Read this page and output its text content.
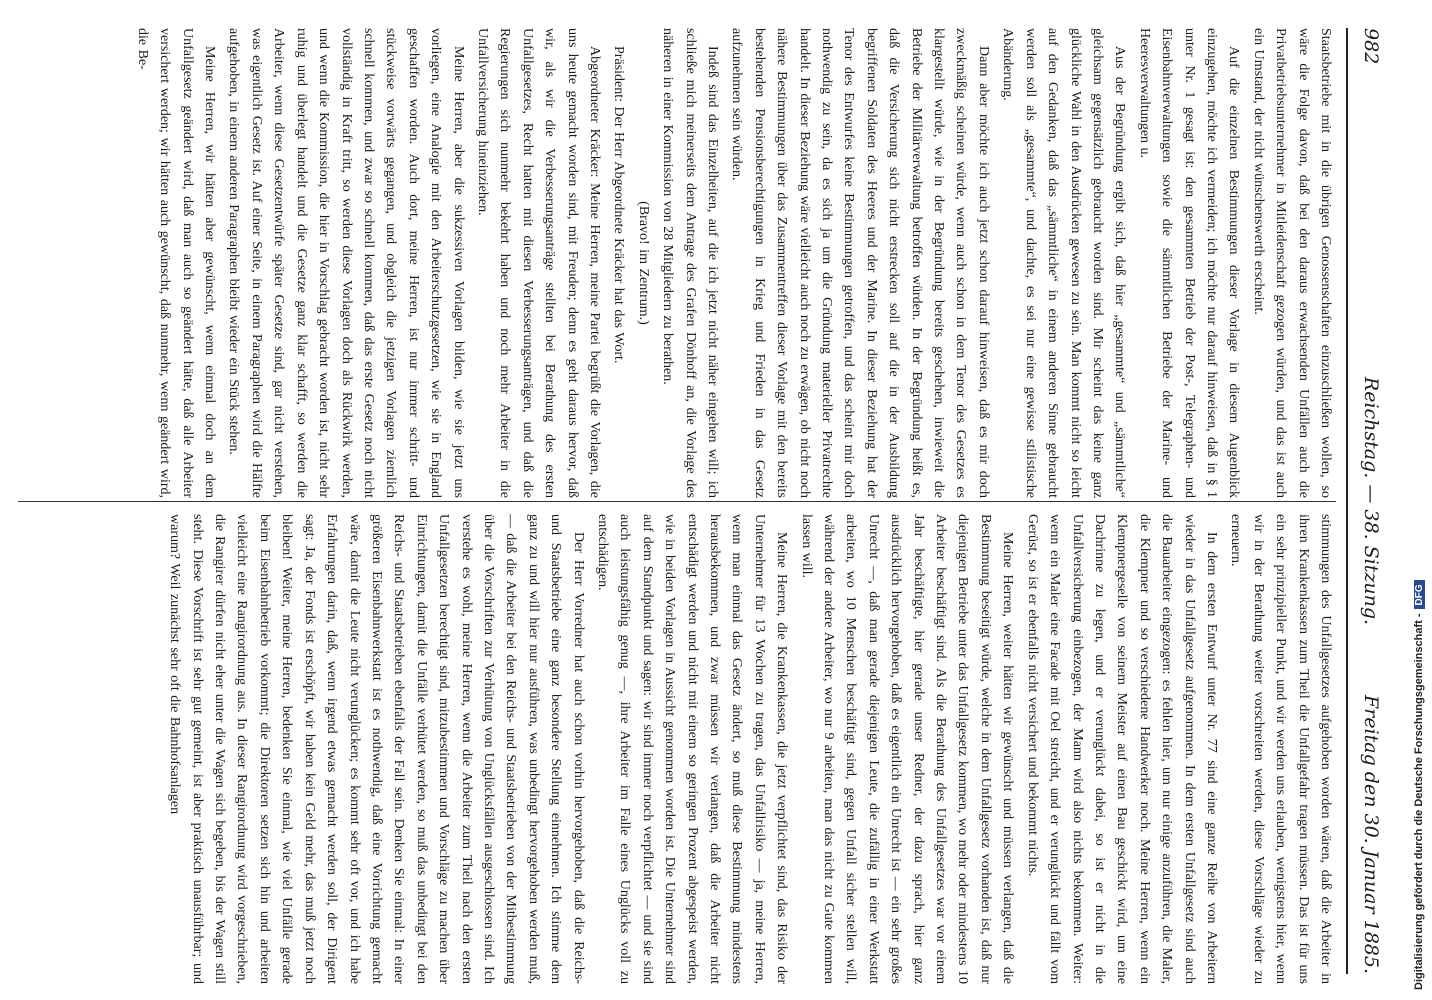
982
Reichstag. — 38. Sitzung.
Freitag den 30. Januar 1885.

Staatsbetriebe mit in die übrigen Genossenschaften einzuschließen wollen, so wäre die Folge davon, daß bei den daraus erwachsenden Unfällen auch die Privatbetriebsunternehmer in Mitleidenschaft gezogen würden, und das ist auch ein Umstand, der nicht wünschenswerth erscheint.

Auf die einzelnen Bestimmungen dieser Vorlage in diesem Augenblick einzugehen, möchte ich vermeiden; ich möchte nur darauf hinweisen, daß in § 1 unter Nr. 1 gesagt ist: den gesammten Betrieb der Post-, Telegraphen- und Eisenbahnverwaltungen sowie die sämmtlichen Betriebe der Marine- und Heeresverwaltungen u.

Aus der Begründung ergibt sich, daß hier „gesammte“ und „sämmtliche“ gleichsam gegensätzlich gebraucht worden sind. Mir scheint das keine ganz glückliche Wahl in den Ausdrücken gewesen zu sein. Man kommt nicht so leicht auf den Gedanken, daß das „sämmtliche“ in einem anderen Sinne gebraucht werden soll als „gesammte“, und dachte, es sei nur eine gewisse stilistische Abänderung.

Dann aber möchte ich auch jetzt schon darauf hinweisen, daß es mir doch zweckmäßig scheinen würde, wenn auch schon in dem Tenor des Gesetzes es klargestellt würde, wie in der Begründung bereits geschehen, inwieweit die Betriebe der Militärverwaltung betroffen würden. In der Begründung heißt es, daß die Versicherung sich nicht erstrecken soll auf die in der Ausbildung begriffenen Soldaten des Heeres und der Marine. In dieser Beziehung hat der Tenor des Entwurfes keine Bestimmungen getroffen, und das scheint mir doch nothwendig zu sein, da es sich ja um die Gründung materieller Privatrechte handelt. In dieser Beziehung wäre vielleicht auch noch zu erwägen, ob nicht noch nähere Bestimmungen über das Zusammentreffen dieser Vorlage mit den bereits bestehenden Pensionsberechtigungen in Krieg und Frieden in das Gesetz aufzunehmen sein würden.

Indeß sind das Einzelheiten, auf die ich jetzt nicht näher eingehen will; ich schließe mich meinerseits dem Antrage des Grafen Dönhoff an, die Vorlage des näheren in einer Kommission von 28 Mitgliedern zu berathen.

(Bravo! im Zentrum.)

Präsident: Der Herr Abgeordnete Kräcker hat das Wort.

Abgeordneter Kräcker: Meine Herren, meine Partei begrüßt die Vorlagen, die uns heute gemacht worden sind, mit Freuden; denn es geht daraus hervor, daß wir, als wir die Verbesserungsanträge stellten bei Berathung des ersten Unfallgesetzes, Recht hatten mit diesen Verbesserungsanträgen, und daß die Regierungen sich nunmehr bekehrt haben und noch mehr Arbeiter in die Unfallversicherung hineinziehen.

Meine Herren, aber die sukzessiven Vorlagen bilden, wie sie jetzt uns vorliegen, eine Analogie mit den Arbeiterschutzgesetzen, wie sie in England geschaffen worden. Auch dort, meine Herren, ist nur immer schritt- und stückweise vorwärts gegangen, und obgleich die jetzigen Vorlagen ziemlich schnell kommen, und zwar so schnell kommen, daß das erste Gesetz noch nicht vollständig in Kraft tritt, so werden diese Vorlagen doch als Rückwirk werden, und wenn die Kommission, die hier in Vorschlag gebracht worden ist, nicht sehr ruhig und überlegt handelt und die Gesetze ganz klar schafft, so werden die Arbeiter, wenn diese Gesetzentwürfe später Gesetze sind, gar nicht verstehen, was eigentlich Gesetz ist. Auf einer Seite, in einem Paragraphen wird die Hälfte aufgehoben, in einem anderen Paragraphen bleibt wieder ein Stück stehen.

Meine Herren, wir hätten aber gewünscht, wenn einmal doch an dem Unfallgesetz geändert wird, daß man auch so geändert hätte, daß alle Arbeiter versichert werden; wir hätten auch gewünscht, daß nunmehr, wenn geändert wird, die Be-

stimmungen des Unfallgesetzes aufgehoben worden wären, daß die Arbeiter in ihren Krankenkassen zum Theil die Unfallgefahr tragen müssen. Das ist für uns ein sehr prinzipieller Punkt, und wir werden uns erlauben, wenigstens hier, wenn wir in der Berathung weiter vorschreiten werden, diese Vorschläge wieder zu erneuern.

In dem ersten Entwurf unter Nr. 77 sind eine ganze Reihe von Arbeitern wieder in das Unfallgesetz aufgenommen. In dem ersten Unfallgesetz sind auch die Bauarbeiter eingezogen: es fehlen hier, um nur einige anzuführen, die Maler, die Klempner und so verschiedene Handwerker noch. Meine Herren, wenn ein Klempnergeselle von seinem Meister auf einen Bau geschickt wird, um eine Dachrinne zu legen, und er verunglückt dabei, so ist er nicht in die Unfallversicherung einbezogen, der Mann wird also nichts bekommen. Weiter: wenn ein Maler eine Facade mit Oel streicht, und er verunglückt und fällt vom Gerüst, so ist er ebenfalls nicht versichert und bekommt nichts.

Meine Herren, weiter hätten wir gewünscht und müssen verlangen, daß die Bestimmung beseitigt würde, welche in dem Unfallgesetz vorhanden ist, daß nur diejenigen Betriebe unter das Unfallgesetz kommen, wo mehr oder mindestens 10 Arbeiter beschäftigt sind. Als die Berathung des Unfallgesetzes war vor einem Jahr beschäftigte, hier gerade unser Redner, der dazu sprach, hier ganz ausdrücklich hervorgehoben, daß es eigentlich ein Unrecht ist — ein sehr großes Unrecht —, daß man gerade diejenigen Leute, die zufällig in einer Werkstatt arbeiten, wo 10 Menschen beschäftigt sind, gegen Unfall sicher stellen will, während der andere Arbeiter, wo nur 9 arbeiten, man das nicht zu Gute kommen lassen will.

Meine Herren, die Krankenkassen, die jetzt verpflichtet sind, das Risiko der Unternehmer für 13 Wochen zu tragen, das Unfallrisiko — ja, meine Herren, wenn man einmal das Gesetz ändert, so muß diese Bestimmung mindestens herausbekommen, und zwar müssen wir verlangen, daß die Arbeiter nicht entschädigt werden und nicht mit einem so geringen Prozent abgespeist werden, wie in beiden Vorlagen in Aussicht genommen worden ist. Die Unternehmer sind auf dem Standpunkt und sagen: wir sind immer noch verpflichtet — und sie sind auch leistungsfähig genug —, ihre Arbeiter im Falle eines Unglücks voll zu entschädigen.

Der Herr Vorredner hat auch schon vorhin hervorgehoben, daß die Reichs- und Staatsbetriebe eine ganz besondere Stellung einnehmen. Ich stimme dem ganz zu und will hier nur ausführen, was unbedingt hervorgehoben werden muß, — daß die Arbeiter bei den Reichs- und Staatsbetrieben von der Mitbestimmung über die Vorschriften zur Verhütung von Unglücksfällen ausgeschlossen sind. Ich verstehe es wohl, meine Herren, wenn die Arbeiter zum Theil nach den ersten Unfallgesetzen berechtigt sind, mitzubestimmen und Vorschläge zu machen über Einrichtungen, damit die Unfälle verhütet werden, so muß das unbedingt bei den Reichs- und Staatsbetrieben ebenfalls der Fall sein. Denken Sie einmal: In einer größeren Eisenbahnwerkstatt ist es nothwendig, daß eine Vorrichtung gemacht wäre, damit die Leute nicht verunglücken; es kommt sehr oft vor, und ich habe Erfahrungen darin, daß, wenn irgend etwas gemacht werden soll, der Dirigent sagt: Ja, der Fonds ist erschöpft, wir haben kein Geld mehr, das muß jetzt noch bleiben! Weiter, meine Herren, bedenken Sie einmal, wie viel Unfälle gerade beim Eisenbahnbetrieb vorkommt; die Direktoren setzen sich hin und arbeiten vielleicht eine Rangirordnung aus. In dieser Rangirordnung wird vorgeschrieben, die Rangirer dürfen nicht eher unter die Wagen sich begeben, bis der Wagen still steht. Diese Vorschrift ist sehr gut gemeint, ist aber praktisch unausführbar; und warum? Weil zunächst sehr oft die Bahnhofsanlagen	Digitalisierung gefördert durch die Deutsche Forschungsgemeinschaft -DFG
